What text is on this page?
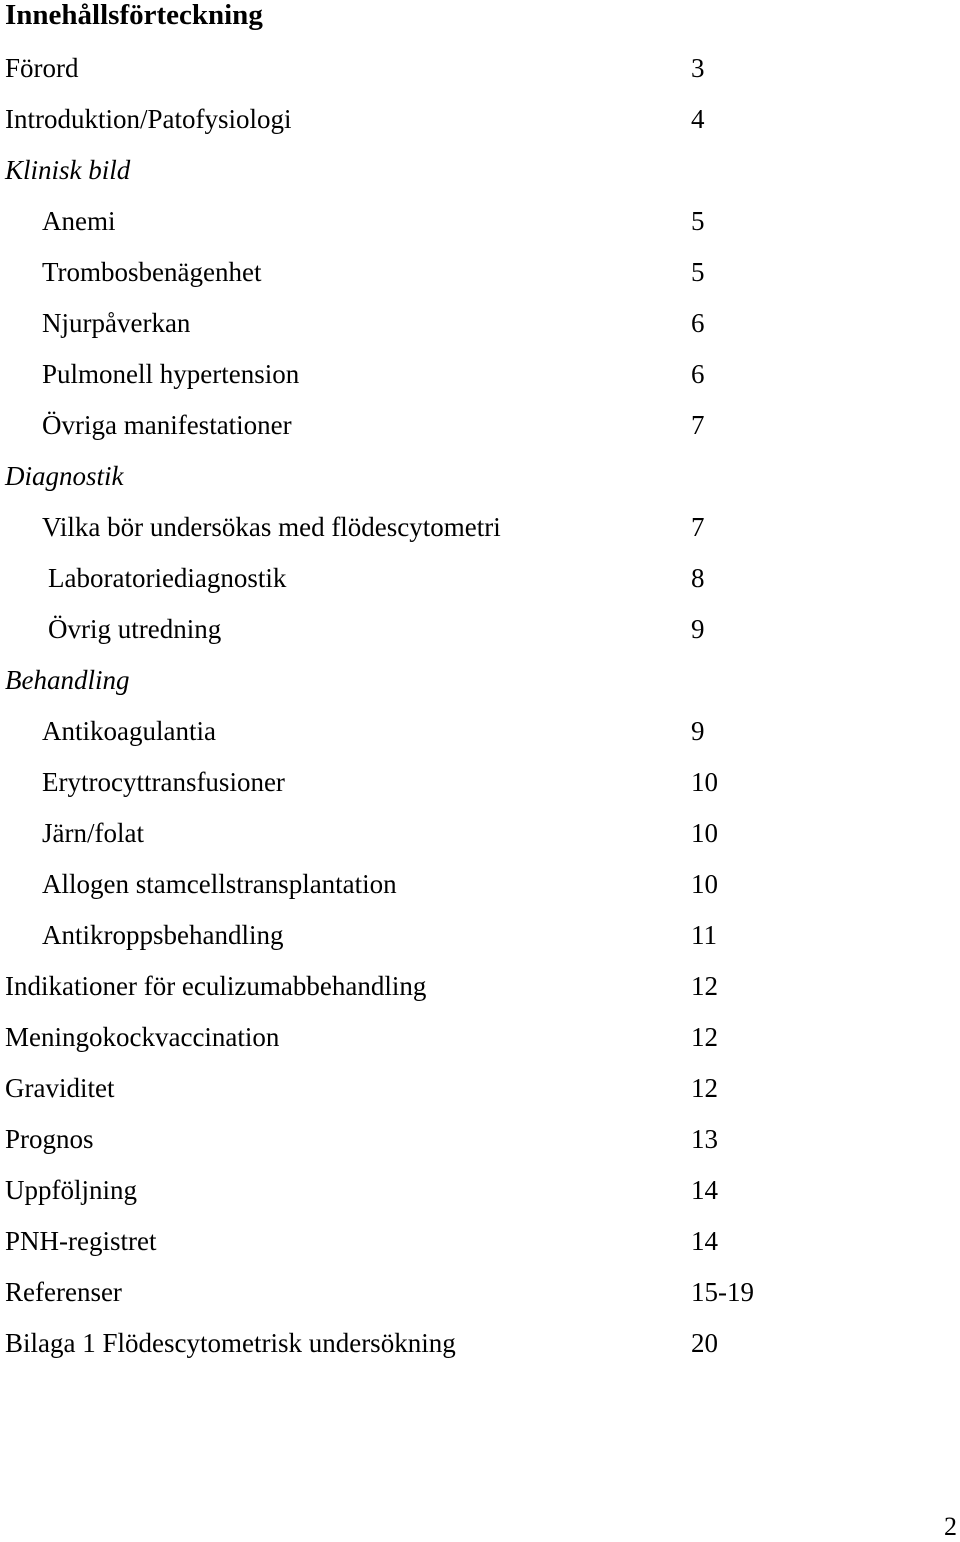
Innehållsförteckning
Förord	3
Introduktion/Patofysiologi	4
Klinisk bild
Anemi	5
Trombosbenägenhet	5
Njurpåverkan	6
Pulmonell hypertension	6
Övriga manifestationer	7
Diagnostik
Vilka bör undersökas med flödescytometri	7
Laboratoriediagnostik	8
Övrig utredning	9
Behandling
Antikoagulantia	9
Erytrocyttransfusioner	10
Järn/folat	10
Allogen stamcellstransplantation	10
Antikroppsbehandling	11
Indikationer för eculizumabbehandling	12
Meningokockvaccination	12
Graviditet	12
Prognos	13
Uppföljning	14
PNH-registret	14
Referenser	15-19
Bilaga 1 Flödescytometrisk undersökning	20
2
